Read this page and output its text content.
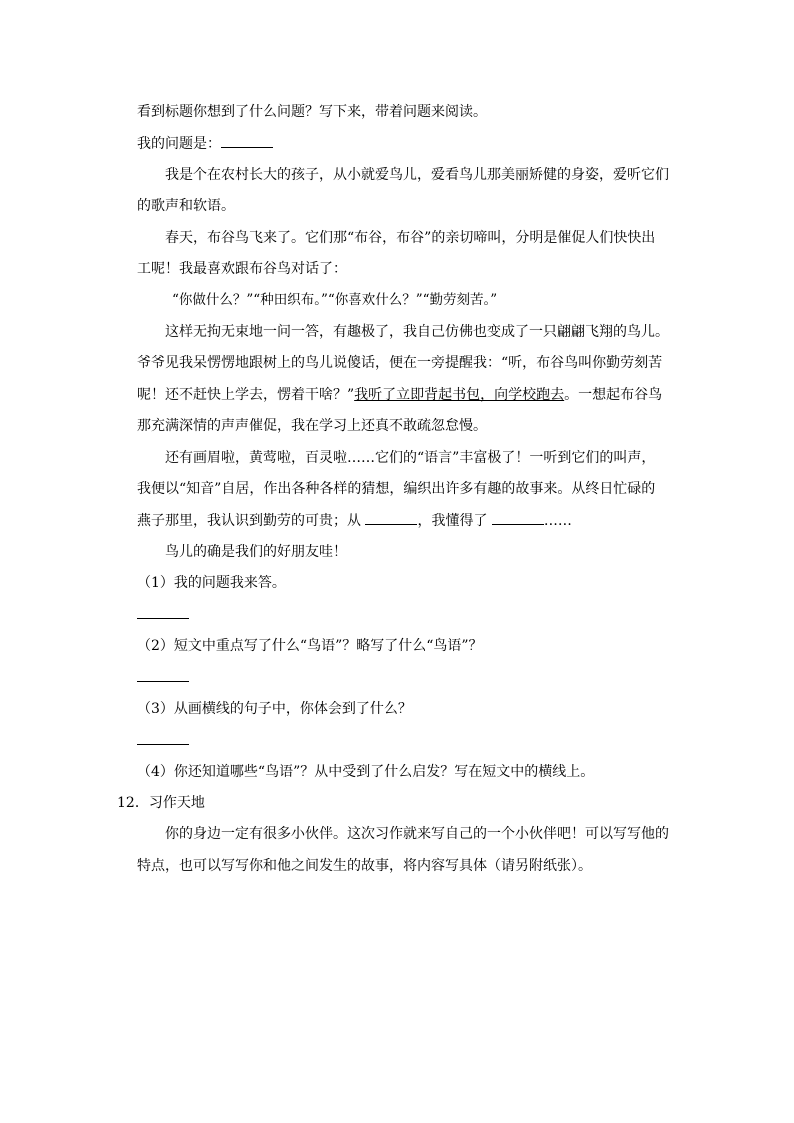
看到标题你想到了什么问题？写下来，带着问题来阅读。
我的问题是：
我是个在农村长大的孩子，从小就爱鸟儿，爱看鸟儿那美丽矫健的身姿，爱听它们
的歌声和软语。
春天，布谷鸟飞来了。它们那“布谷，布谷”的亲切啼叫，分明是催促人们快快出
工呢！我最喜欢跟布谷鸟对话了：
“你做什么？”“种田织布。”“你喜欢什么？”“勤劳刻苦。”
这样无拘无束地一问一答，有趣极了，我自己仿佛也变成了一只翩翩飞翔的鸟儿。
爷爷见我呆愣愣地跟树上的鸟儿说傻话，便在一旁提醒我：“听，布谷鸟叫你勤劳刻苦
呢！还不赶快上学去，愣着干啥？”我听了立即背起书包，向学校跑去。一想起布谷鸟
那充满深情的声声催促，我在学习上还真不敢疏忽怠慢。
还有画眉啦，黄莺啦，百灵啦……它们的“语言”丰富极了！一听到它们的叫声，
我便以“知音”自居，作出各种各样的猜想，编织出许多有趣的故事来。从终日忙碌的
燕子那里，我认识到勤劳的可贵；从	，我懂得了	……
鸟儿的确是我们的好朋友哇！
（1）我的问题我来答。
（2）短文中重点写了什么“鸟语”？略写了什么“鸟语”？
（3）从画横线的句子中，你体会到了什么？
（4）你还知道哪些“鸟语”？从中受到了什么启发？写在短文中的横线上。
12．习作天地
你的身边一定有很多小伙伴。这次习作就来写自己的一个小伙伴吧！可以写写他的
特点，也可以写写你和他之间发生的故事，将内容写具体（请另附纸张）。
